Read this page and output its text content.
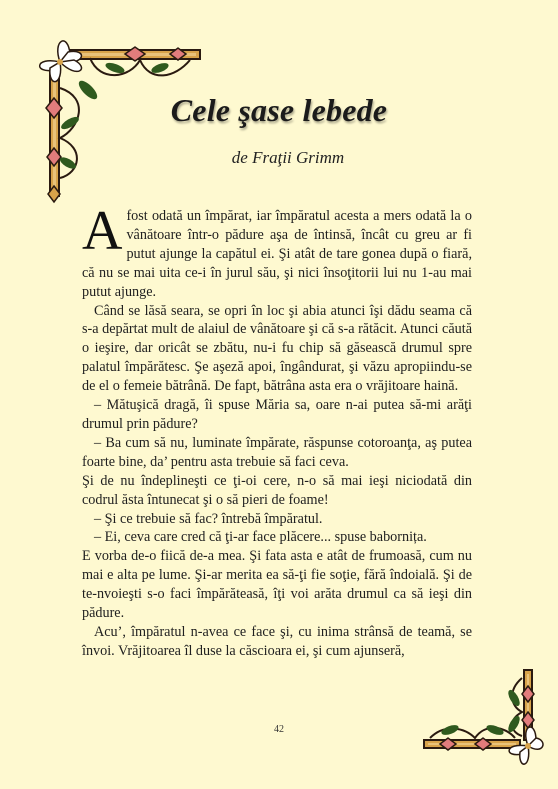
Cele şase lebede
de Fraţii Grimm

Afost odată un împărat, iar împăratul acesta a mers odată la o vânătoare într-o pădure aşa de întinsă, încât cu greu ar fi putut ajunge la capătul ei. Şi atât de tare gonea după o fiară, că nu se mai uita ce-i în jurul său, şi nici însoţitorii lui nu 1-au mai putut ajunge.

Când se lăsă seara, se opri în loc şi abia atunci îşi dădu seama că s-a depărtat mult de alaiul de vânătoare şi că s-a rătăcit. Atunci căută o ieşire, dar oricât se zbătu, nu-i fu chip să găsească drumul spre palatul împărătesc. Şe aşeză apoi, îngândurat, şi văzu apropiindu-se de el o femeie bătrână. De fapt, bătrâna asta era o vrăjitoare haină.

– Mătuşică dragă, îi spuse Măria sa, oare n-ai putea să-mi arăţi drumul prin pădure?

– Ba cum să nu, luminate împărate, răspunse cotoroanţa, aş putea foarte bine, da’ pentru asta trebuie să faci ceva.

Şi de nu îndeplineşti ce ţi-oi cere, n-o să mai ieşi niciodată din codrul ăsta întunecat şi o să pieri de foame!

– Şi ce trebuie să fac? întrebă împăratul.

– Ei, ceva care cred că ţi-ar face plăcere... spuse babornița.

E vorba de-o fiică de-a mea. Şi fata asta e atât de frumoasă, cum nu mai e alta pe lume. Şi-ar merita ea să-ţi fie soţie, fără îndoială. Şi de te-nvoieşti s-o faci împărăteasă, îţi voi arăta drumul ca să ieşi din pădure.

Acu’, împăratul n-avea ce face şi, cu inima strânsă de teamă, se învoi. Vrăjitoarea îl duse la căscioara ei, şi cum ajunseră,

42
